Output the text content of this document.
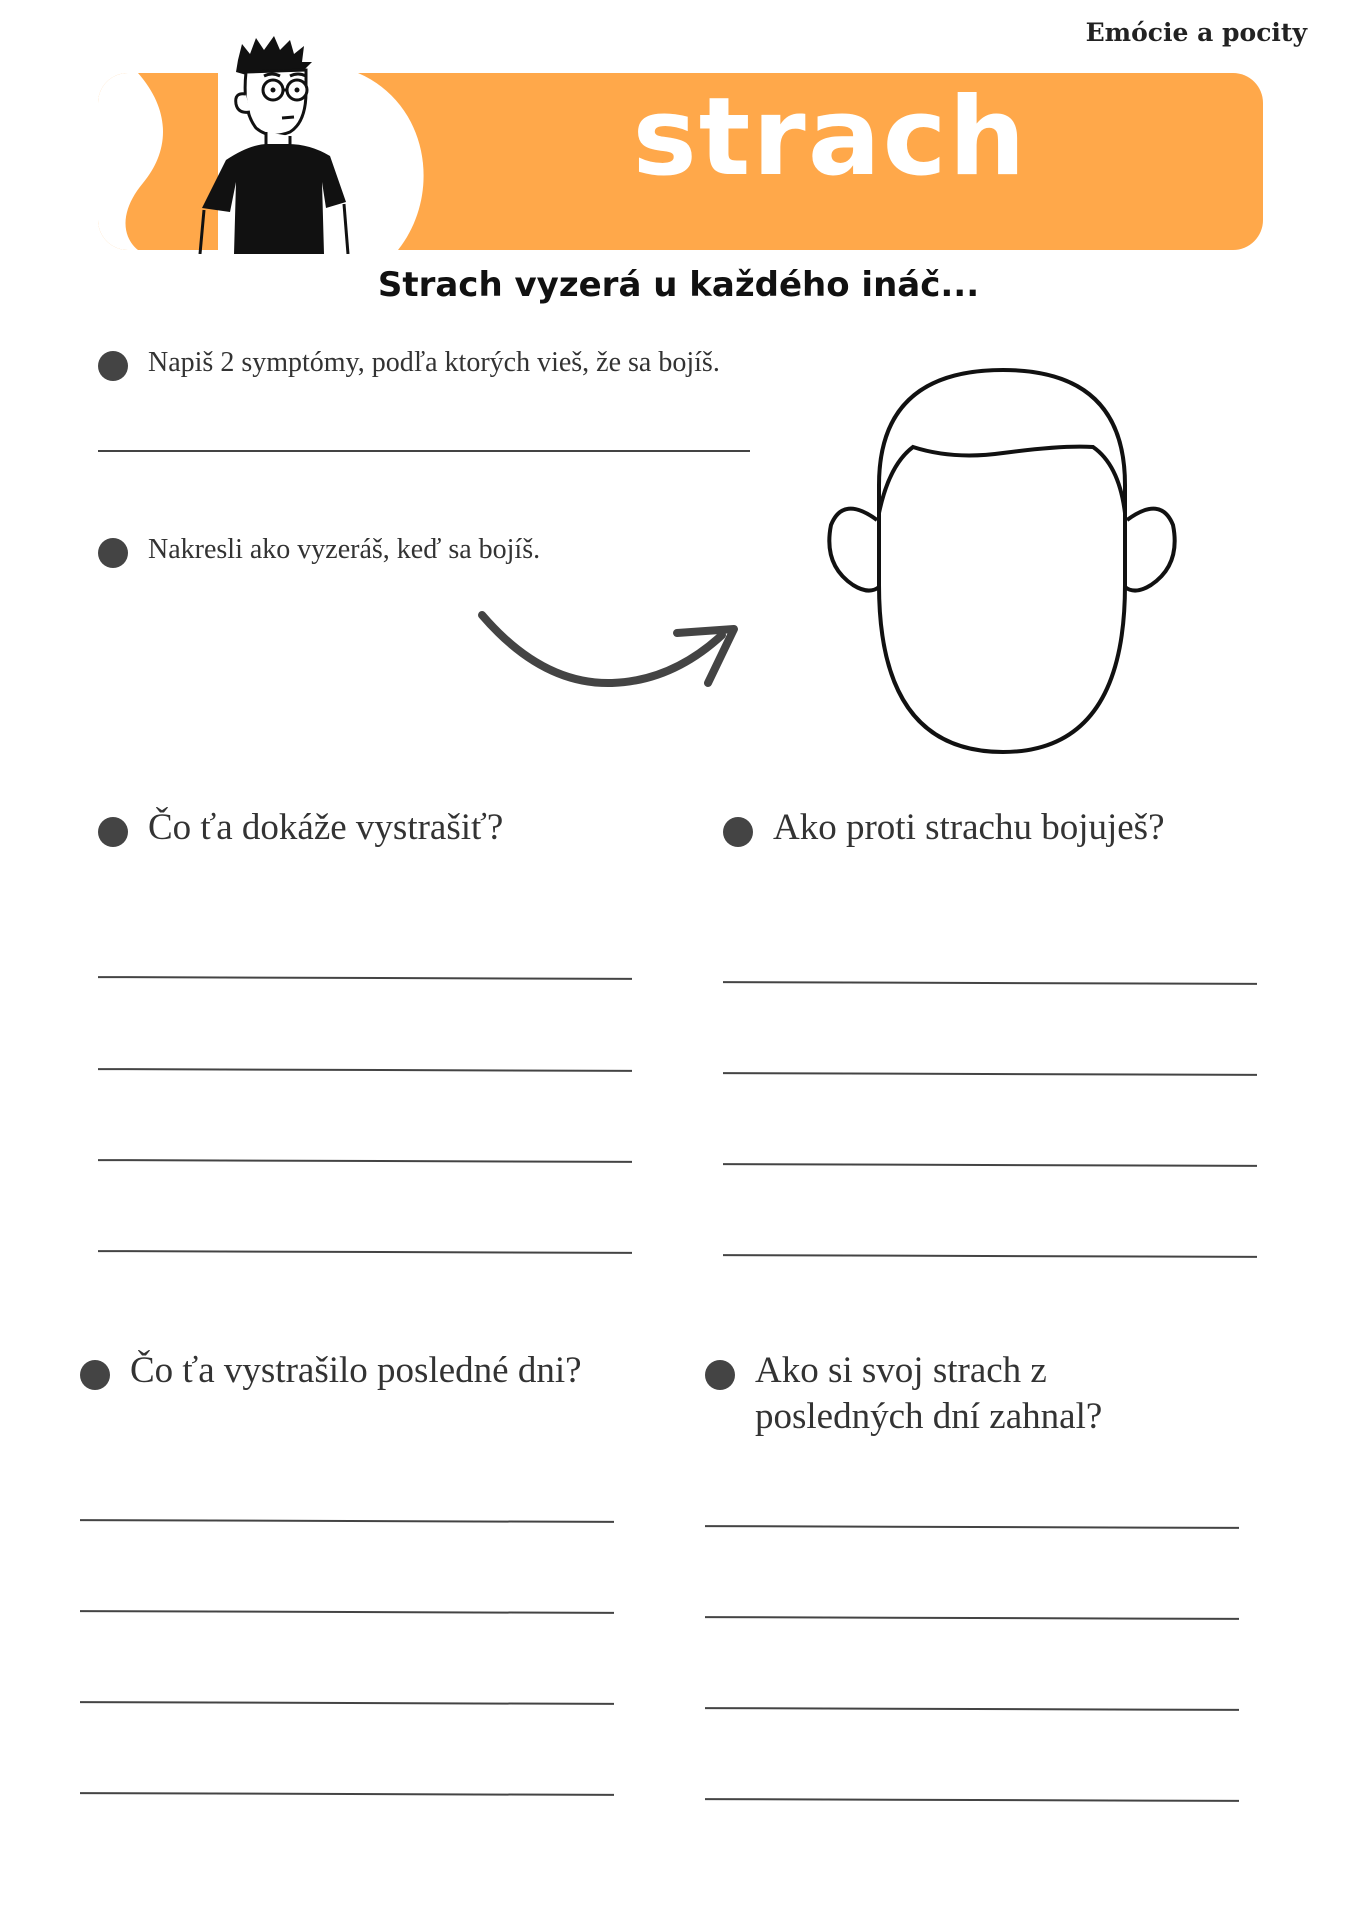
Emócie a pocity
strach
Strach vyzerá u každého ináč...
Napiš 2 symptómy, podľa ktorých vieš, že sa bojíš.
Nakresli ako vyzeráš, keď sa bojíš.
Čo ťa dokáže vystrašiť?	Ako proti strachu bojuješ?
Čo ťa vystrašilo posledné dni?	Ako si svoj strach z posledných dní zahnal?
